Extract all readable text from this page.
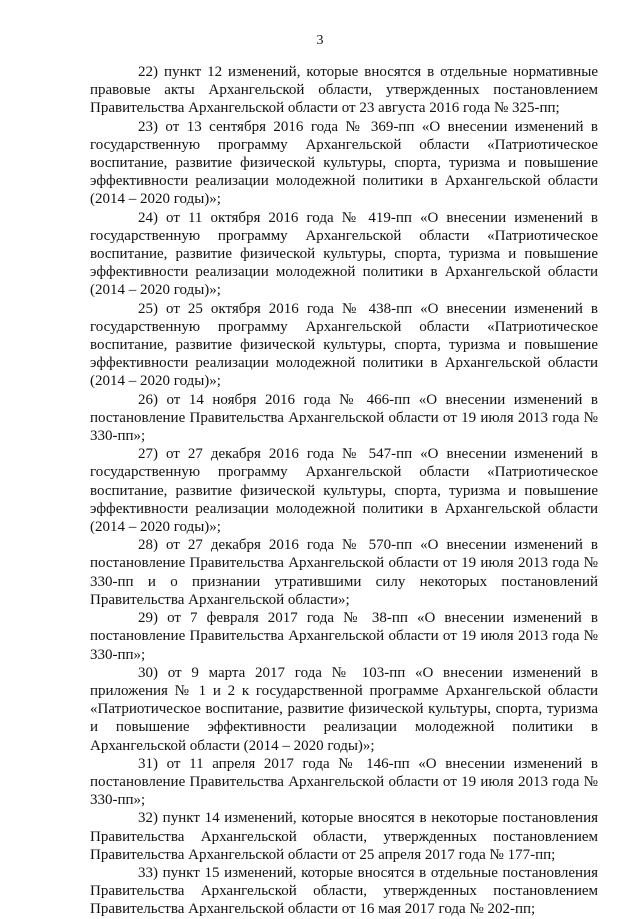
3

22) пункт 12 изменений, которые вносятся в отдельные нормативные правовые акты Архангельской области, утвержденных постановлением Правительства Архангельской области от 23 августа 2016 года № 325-пп;

23) от 13 сентября 2016 года № 369-пп «О внесении изменений в государственную программу Архангельской области «Патриотическое воспитание, развитие физической культуры, спорта, туризма и повышение эффективности реализации молодежной политики в Архангельской области (2014 – 2020 годы)»;

24) от 11 октября 2016 года № 419-пп «О внесении изменений в государственную программу Архангельской области «Патриотическое воспитание, развитие физической культуры, спорта, туризма и повышение эффективности реализации молодежной политики в Архангельской области (2014 – 2020 годы)»;

25) от 25 октября 2016 года № 438-пп «О внесении изменений в государственную программу Архангельской области «Патриотическое воспитание, развитие физической культуры, спорта, туризма и повышение эффективности реализации молодежной политики в Архангельской области (2014 – 2020 годы)»;

26) от 14 ноября 2016 года № 466-пп «О внесении изменений в постановление Правительства Архангельской области от 19 июля 2013 года № 330-пп»;

27) от 27 декабря 2016 года № 547-пп «О внесении изменений в государственную программу Архангельской области «Патриотическое воспитание, развитие физической культуры, спорта, туризма и повышение эффективности реализации молодежной политики в Архангельской области (2014 – 2020 годы)»;

28) от 27 декабря 2016 года № 570-пп «О внесении изменений в постановление Правительства Архангельской области от 19 июля 2013 года № 330-пп и о признании утратившими силу некоторых постановлений Правительства Архангельской области»;

29) от 7 февраля 2017 года № 38-пп «О внесении изменений в постановление Правительства Архангельской области от 19 июля 2013 года № 330-пп»;

30) от 9 марта 2017 года № 103-пп «О внесении изменений в приложения № 1 и 2 к государственной программе Архангельской области «Патриотическое воспитание, развитие физической культуры, спорта, туризма и повышение эффективности реализации молодежной политики в Архангельской области (2014 – 2020 годы)»;

31) от 11 апреля 2017 года № 146-пп «О внесении изменений в постановление Правительства Архангельской области от 19 июля 2013 года № 330-пп»;

32) пункт 14 изменений, которые вносятся в некоторые постановления Правительства Архангельской области, утвержденных постановлением Правительства Архангельской области от 25 апреля 2017 года № 177-пп;

33) пункт 15 изменений, которые вносятся в отдельные постановления Правительства Архангельской области, утвержденных постановлением Правительства Архангельской области от 16 мая 2017 года № 202-пп;
